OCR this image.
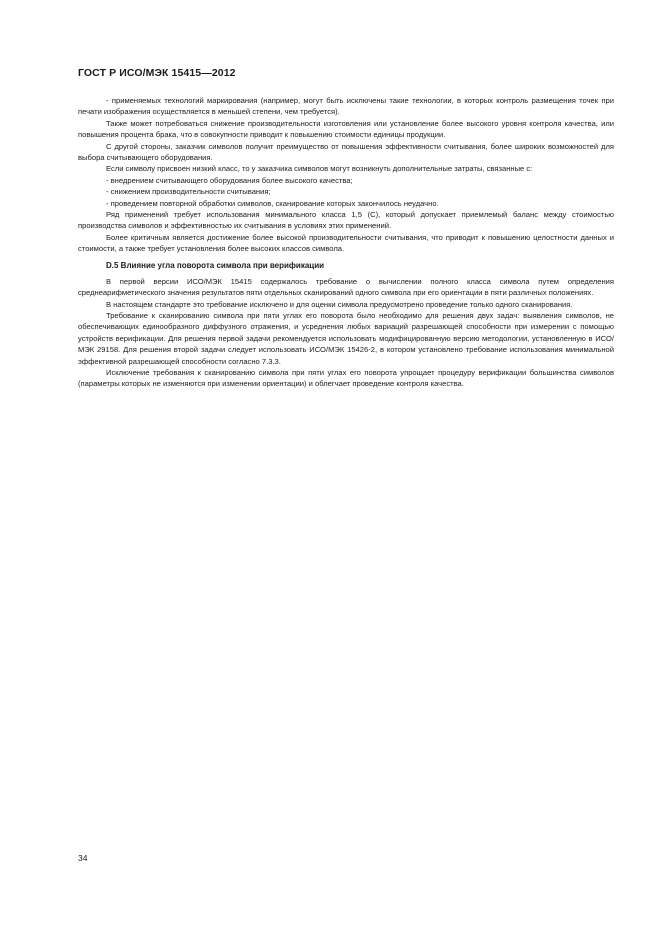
ГОСТ Р ИСО/МЭК 15415—2012

- применяемых технологий маркирования (например, могут быть исключены такие технологии, в которых контроль размещения точек при печати изображения осуществляется в меньшей степени, чем требуется).

Также может потребоваться снижение производительности изготовления или установление более высокого уровня контроля качества, или повышения процента брака, что в совокупности приводит к повышению стоимости единицы продукции.

С другой стороны, заказчик символов получит преимущество от повышения эффективности считывания, более широких возможностей для выбора считывающего оборудования.

Если символу присвоен низкий класс, то у заказчика символов могут возникнуть дополнительные затраты, связанные с:

- внедрением считывающего оборудования более высокого качества;

- снижением производительности считывания;

- проведением повторной обработки символов, сканирование которых закончилось неудачно.

Ряд применений требует использования минимального класса 1,5 (C), который допускает приемлемый баланс между стоимостью производства символов и эффективностью их считывания в условиях этих применений.

Более критичным является достижение более высокой производительности считывания, что приводит к повышению целостности данных и стоимости, а также требует установления более высоких классов символа.

D.5 Влияние угла поворота символа при верификации

В первой версии ИСО/МЭК 15415 содержалось требование о вычислении полного класса символа путем определения среднеарифметического значения результатов пяти отдельных сканирований одного символа при его ориентации в пяти различных положениях.

В настоящем стандарте это требование исключено и для оценки символа предусмотрено проведение только одного сканирования.

Требование к сканированию символа при пяти углах его поворота было необходимо для решения двух задач: выявления символов, не обеспечивающих единообразного диффузного отражения, и усреднения любых вариаций разрешающей способности при измерении с помощью устройств верификации. Для решения первой задачи рекомендуется использовать модифицированную версию методологии, установленную в ИСО/МЭК 29158. Для решения второй задачи следует использовать ИСО/МЭК 15426-2, в котором установлено требование использования минимальной эффективной разрешающей способности согласно 7.3.3.

Исключение требования к сканированию символа при пяти углах его поворота упрощает процедуру верификации большинства символов (параметры которых не изменяются при изменении ориентации) и облегчает проведение контроля качества.

34
